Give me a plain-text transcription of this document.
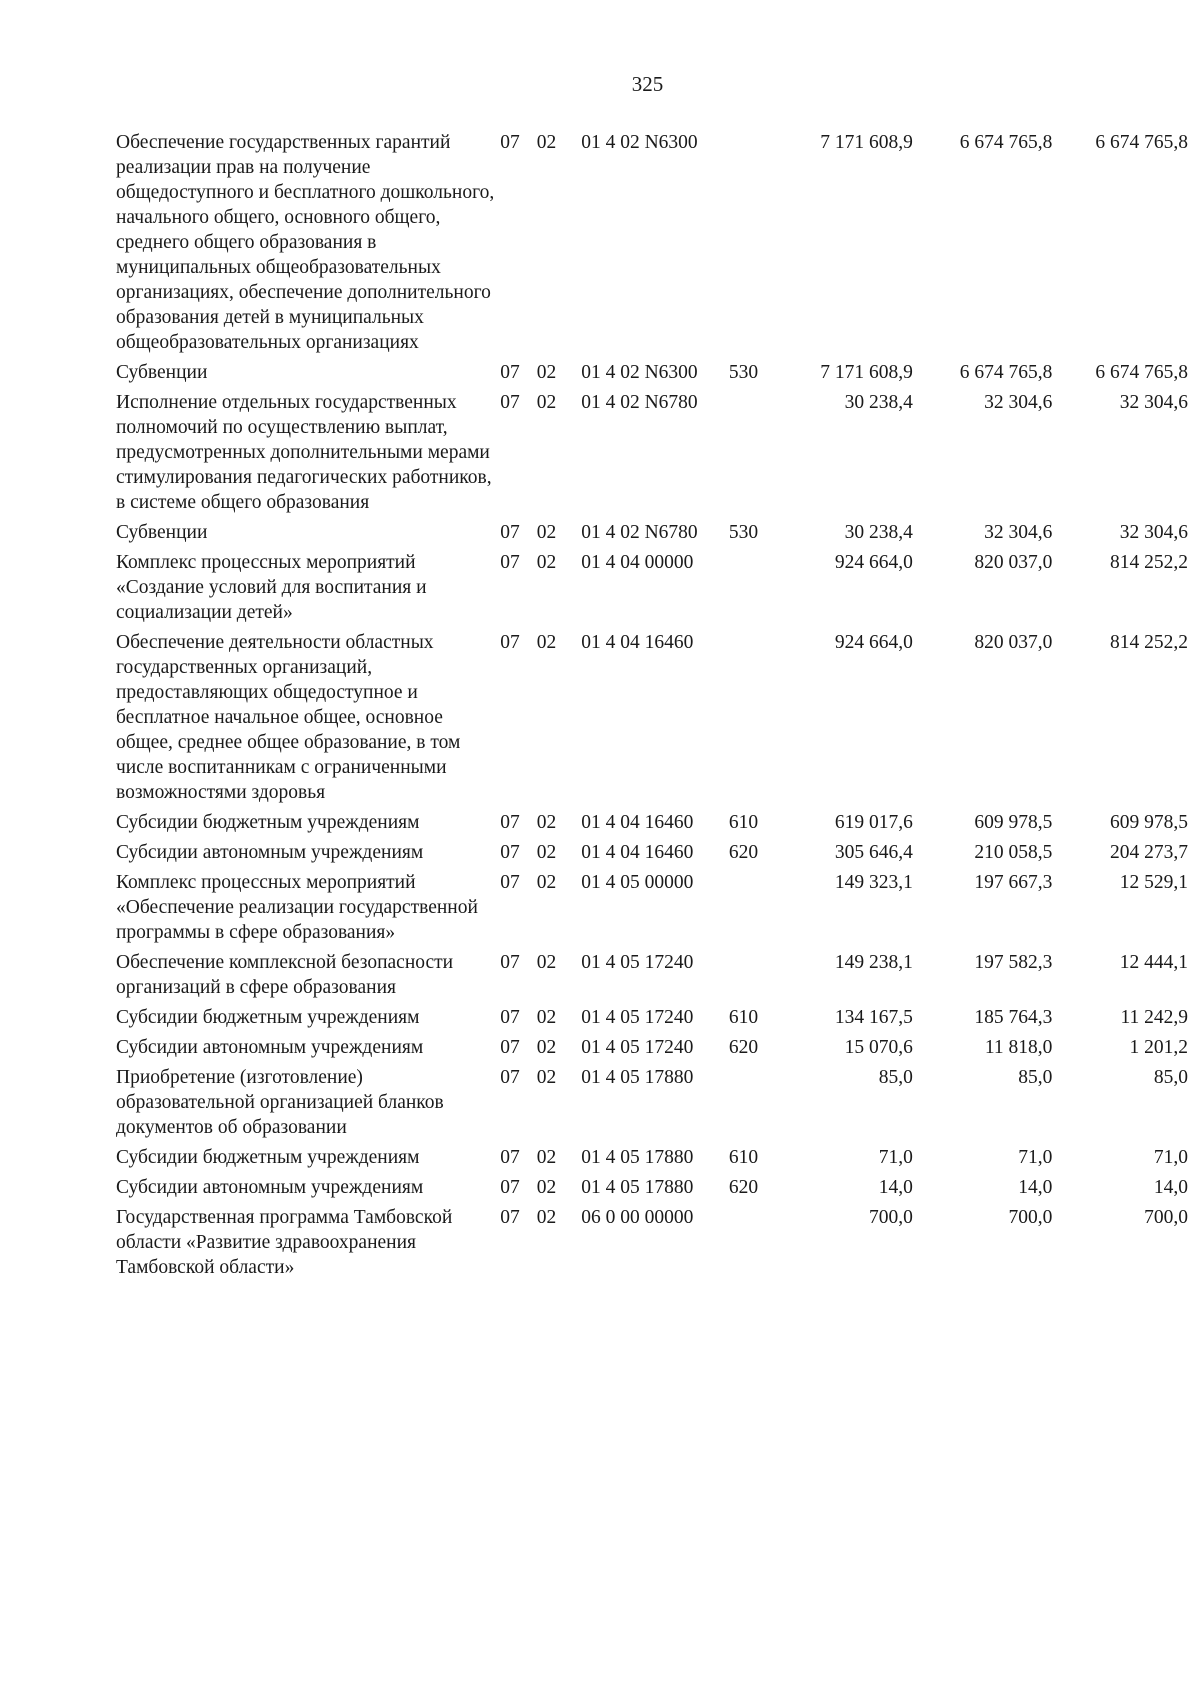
325
Обеспечение государственных гарантий реализации прав на получение общедоступного и бесплатного дошкольного, начального общего, основного общего, среднего общего образования в муниципальных общеобразовательных организациях, обеспечение дополнительного образования детей в муниципальных общеобразовательных организациях	07	02	01 4 02 N6300		7 171 608,9	6 674 765,8	6 674 765,8
Субвенции	07	02	01 4 02 N6300	530	7 171 608,9	6 674 765,8	6 674 765,8
Исполнение отдельных государственных полномочий по осуществлению выплат, предусмотренных дополнительными мерами стимулирования педагогических работников, в системе общего образования	07	02	01 4 02 N6780		30 238,4	32 304,6	32 304,6
Субвенции	07	02	01 4 02 N6780	530	30 238,4	32 304,6	32 304,6
Комплекс процессных мероприятий «Создание условий для воспитания и социализации детей»	07	02	01 4 04 00000		924 664,0	820 037,0	814 252,2
Обеспечение деятельности областных государственных организаций, предоставляющих общедоступное и бесплатное начальное общее, основное общее, среднее общее образование, в том числе воспитанникам с ограниченными возможностями здоровья	07	02	01 4 04 16460		924 664,0	820 037,0	814 252,2
Субсидии бюджетным учреждениям	07	02	01 4 04 16460	610	619 017,6	609 978,5	609 978,5
Субсидии автономным учреждениям	07	02	01 4 04 16460	620	305 646,4	210 058,5	204 273,7
Комплекс процессных мероприятий «Обеспечение реализации государственной программы в сфере образования»	07	02	01 4 05 00000		149 323,1	197 667,3	12 529,1
Обеспечение комплексной безопасности организаций в сфере образования	07	02	01 4 05 17240		149 238,1	197 582,3	12 444,1
Субсидии бюджетным учреждениям	07	02	01 4 05 17240	610	134 167,5	185 764,3	11 242,9
Субсидии автономным учреждениям	07	02	01 4 05 17240	620	15 070,6	11 818,0	1 201,2
Приобретение (изготовление) образовательной организацией бланков документов об образовании	07	02	01 4 05 17880		85,0	85,0	85,0
Субсидии бюджетным учреждениям	07	02	01 4 05 17880	610	71,0	71,0	71,0
Субсидии автономным учреждениям	07	02	01 4 05 17880	620	14,0	14,0	14,0
Государственная программа Тамбовской области «Развитие здравоохранения Тамбовской области»	07	02	06 0 00 00000		700,0	700,0	700,0
